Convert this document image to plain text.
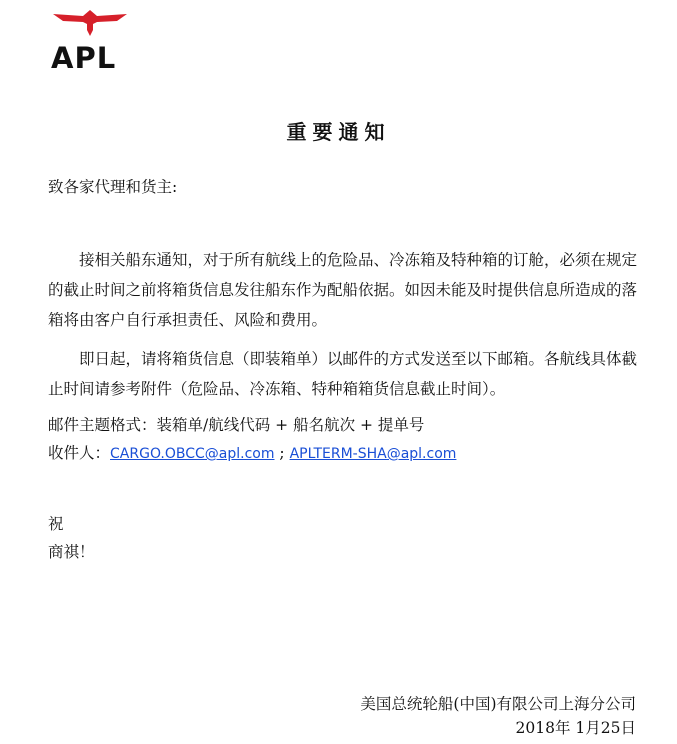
APL
重要通知

致各家代理和货主:

接相关船东通知，对于所有航线上的危险品、冷冻箱及特种箱的订舱，必须在规定的截止时间之前将箱货信息发往船东作为配船依据。如因未能及时提供信息所造成的落箱将由客户自行承担责任、风险和费用。

即日起，请将箱货信息（即装箱单）以邮件的方式发送至以下邮箱。各航线具体截止时间请参考附件（危险品、冷冻箱、特种箱箱货信息截止时间）。

邮件主题格式：装箱单/航线代码 + 船名航次 + 提单号

收件人：CARGO.OBCC@apl.com ; APLTERM-SHA@apl.com

祝

商祺！

美国总统轮船(中国)有限公司上海分公司
2018年 1月25日
